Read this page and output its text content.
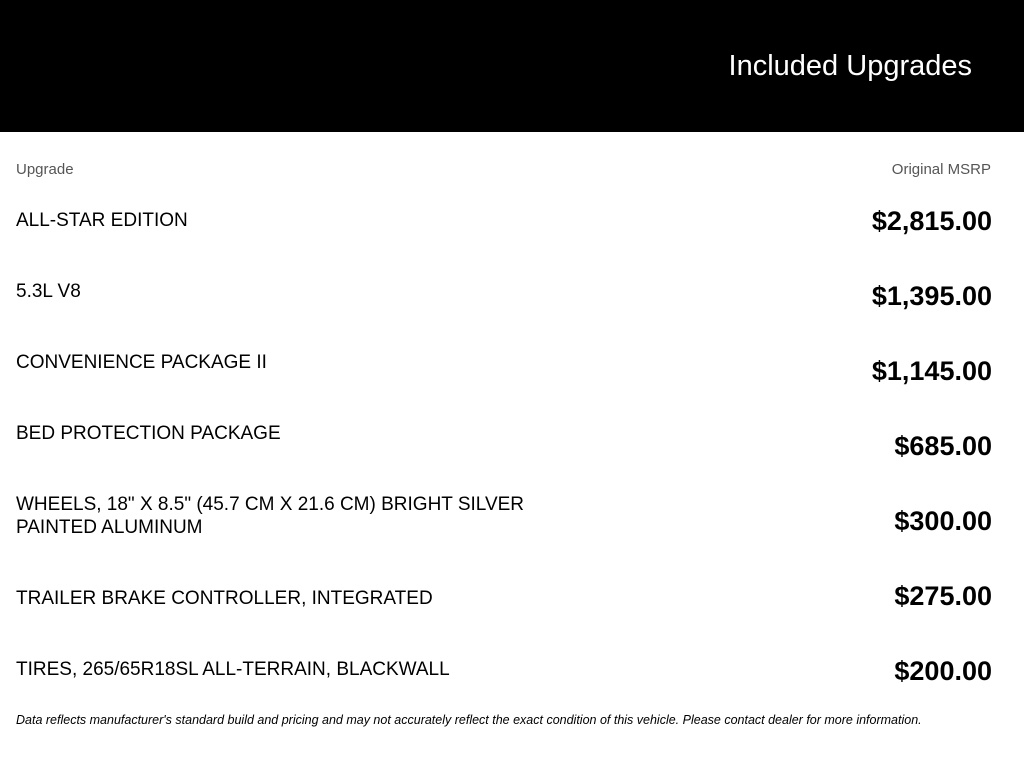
Included Upgrades
Upgrade	Original MSRP
ALL-STAR EDITION	$2,815.00
5.3L V8	$1,395.00
CONVENIENCE PACKAGE II	$1,145.00
BED PROTECTION PACKAGE	$685.00
WHEELS, 18" X 8.5" (45.7 CM X 21.6 CM) BRIGHT SILVER PAINTED ALUMINUM	$300.00
TRAILER BRAKE CONTROLLER, INTEGRATED	$275.00
TIRES, 265/65R18SL ALL-TERRAIN, BLACKWALL	$200.00
Data reflects manufacturer's standard build and pricing and may not accurately reflect the exact condition of this vehicle. Please contact dealer for more information.
